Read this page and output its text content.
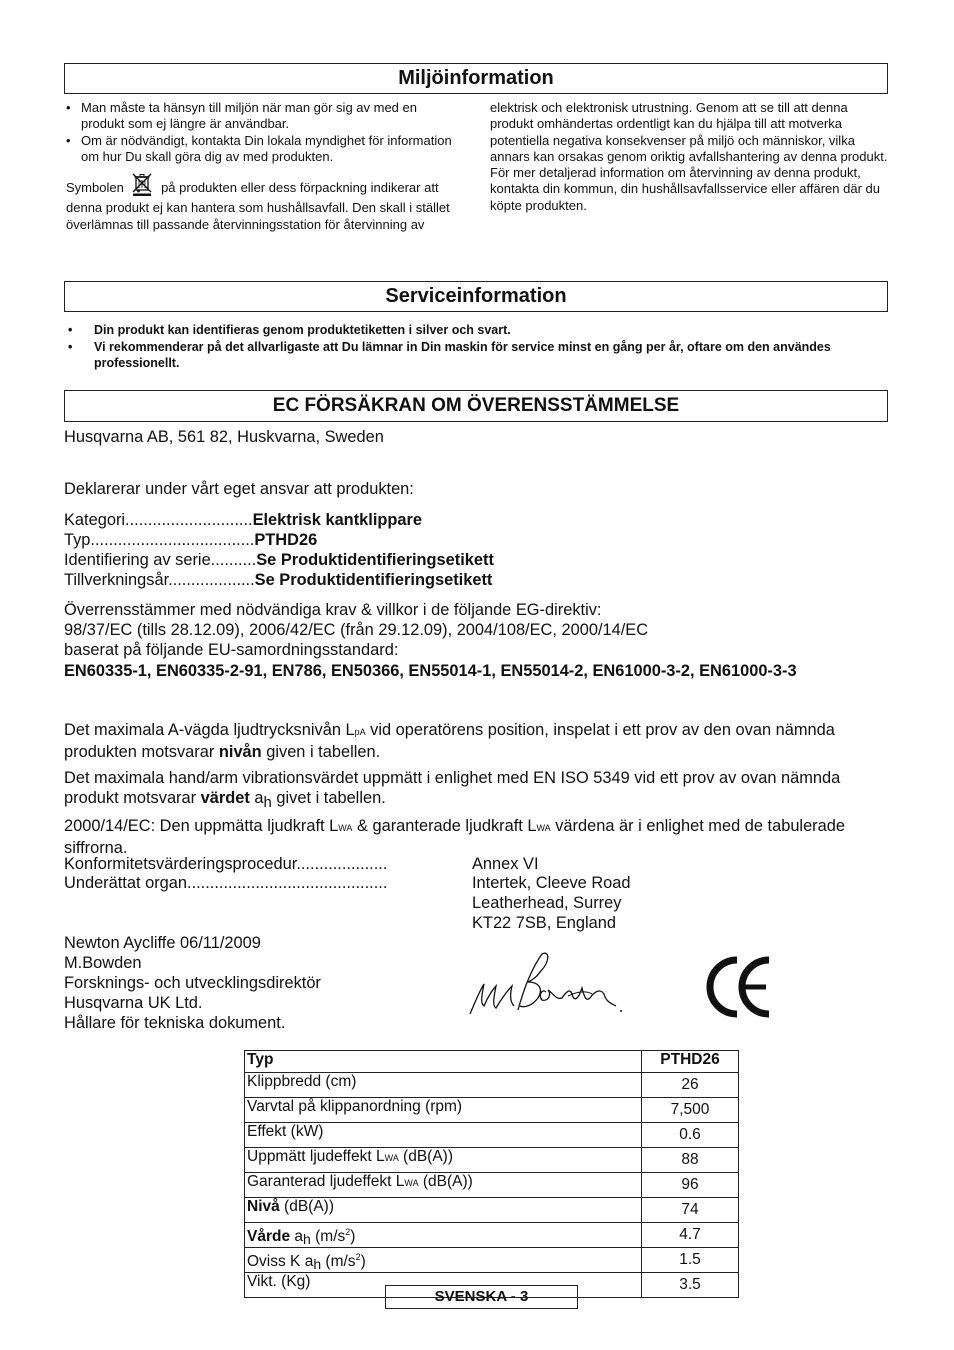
Miljöinformation
• Man måste ta hänsyn till miljön när man gör sig av med en produkt som ej längre är användbar.
• Om är nödvändigt, kontakta Din lokala myndighet för information om hur Du skall göra dig av med produkten.
Symbolen	på produkten eller dess förpackning indikerar att denna produkt ej kan hantera som hushållsavfall. Den skall i stället överlämnas till passande återvinningsstation för återvinning av
elektrisk och elektronisk utrustning. Genom att se till att denna produkt omhändertas ordentligt kan du hjälpa till att motverka potentiella negativa konsekvenser på miljö och människor, vilka annars kan orsakas genom oriktig avfallshantering av denna produkt.
För mer detaljerad information om återvinning av denna produkt, kontakta din kommun, din hushållsavfallsservice eller affären där du köpte produkten.
Serviceinformation
• Din produkt kan identifieras genom produktetiketten i silver och svart.
• Vi rekommenderar på det allvarligaste att Du lämnar in Din maskin för service minst en gång per år, oftare om den användes professionellt.
EC FÖRSÄKRAN OM ÖVERENSSTÄMMELSE
Husqvarna AB, 561 82, Huskvarna, Sweden
Deklarerar under vårt eget ansvar att produkten:
Kategori............................Elektrisk kantklippare
Typ....................................PTHD26
Identifiering av serie..........Se Produktidentifieringsetikett
Tillverkningsår...................Se Produktidentifieringsetikett
Överrensstämmer med nödvändiga krav & villkor i de följande EG-direktiv:
98/37/EC (tills 28.12.09), 2006/42/EC (från 29.12.09), 2004/108/EC, 2000/14/EC
baserat på följande EU-samordningsstandard:
EN60335-1, EN60335-2-91, EN786, EN50366, EN55014-1, EN55014-2, EN61000-3-2, EN61000-3-3
Det maximala A-vägda ljudtrycksnivån LpA vid operatörens position, inspelat i ett prov av den ovan nämnda produkten motsvarar nivån given i tabellen.
Det maximala hand/arm vibrationsvärdet uppmätt i enlighet med EN ISO 5349 vid ett prov av ovan nämnda produkt motsvarar värdet ah givet i tabellen.
2000/14/EC: Den uppmätta ljudkraft LWA & garanterade ljudkraft LWA värdena är i enlighet med de tabulerade siffrorna.
Konformitetsvärderingsprocedur....................	Annex VI
Underättat organ............................................	Intertek, Cleeve Road
Leatherhead, Surrey
KT22 7SB, England
Newton Aycliffe 06/11/2009
M.Bowden
Forsknings- och utvecklingsdirektör
Husqvarna UK Ltd.
Hållare för tekniska dokument.
Typ		PTHD26
Klippbredd (cm)		26
Varvtal på klippanordning (rpm)		7,500
Effekt (kW)		0.6
Uppmätt ljudeffekt LWA (dB(A))		88
Garanterad ljudeffekt LWA (dB(A))		96
Nivå (dB(A))		74
Vårde ah $(m/s^2)$		4.7
Oviss K ah $(m/s^2)$		1.5
Vikt. (Kg)		3.5
SVENSKA - 3
